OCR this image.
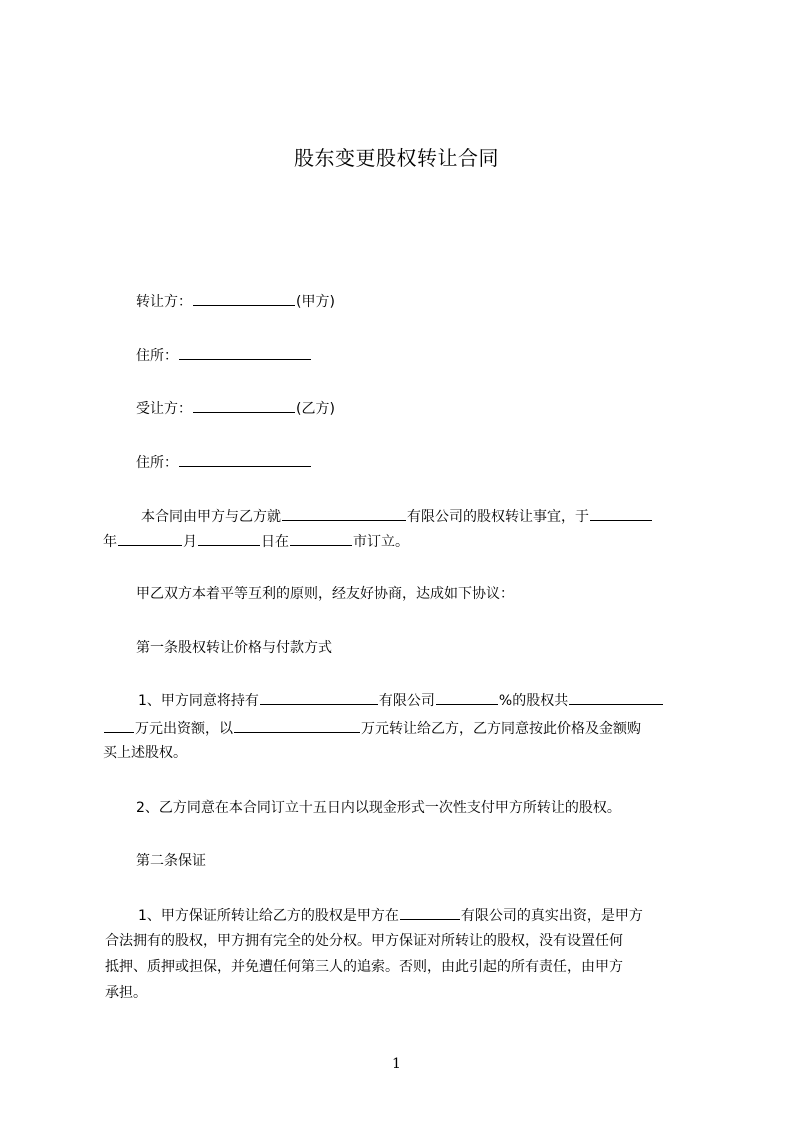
股东变更股权转让合同
转让方：	(甲方)
住所：
受让方：	(乙方)
住所：
本合同由甲方与乙方就	有限公司的股权转让事宜，于
年	月	日在	市订立。
甲乙双方本着平等互利的原则，经友好协商，达成如下协议：
第一条股权转让价格与付款方式
1、甲方同意将持有	有限公司	%的股权共
万元出资额，以	万元转让给乙方，乙方同意按此价格及金额购
买上述股权。
2、乙方同意在本合同订立十五日内以现金形式一次性支付甲方所转让的股权。
第二条保证
1、甲方保证所转让给乙方的股权是甲方在	有限公司的真实出资，是甲方
合法拥有的股权，甲方拥有完全的处分权。甲方保证对所转让的股权，没有设置任何
抵押、质押或担保，并免遭任何第三人的追索。否则，由此引起的所有责任，由甲方
承担。
1
